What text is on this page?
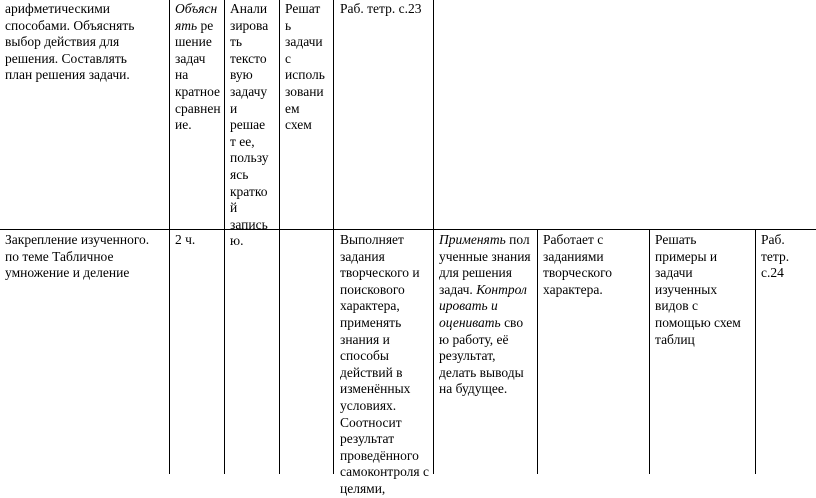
арифметическими
способами. Объяснять
выбор действия для
решения. Составлять
план решения задачи.
Объясн
ять ре
шение
задач
на
кратное
сравнен
ие.
Анали
зирова
ть
тексто
вую
задачу
и
решае
т ее,
пользу
ясь
кратко
й
запись
ю.
Решат
ь
задачи
с
исполь
зовани
ем
схем
Раб. тетр. с.23
Закрепление изученного.
по теме Табличное
умножение и деление
2 ч.	Выполняет
задания
творческого и
поискового
характера,
применять
знания и
способы
действий в
изменённых
условиях.
Соотносит
результат
проведённого
самоконтроля с
целями,
Применять пол
ученные знания
для решения
задач. Контрол
ировать и
оценивать сво
ю работу, её
результат,
делать выводы
на будущее.
Работает с
заданиями
творческого
характера.
Решать
примеры и
задачи
изученных
видов с
помощью схем
таблиц
Раб.
тетр.
с.24
